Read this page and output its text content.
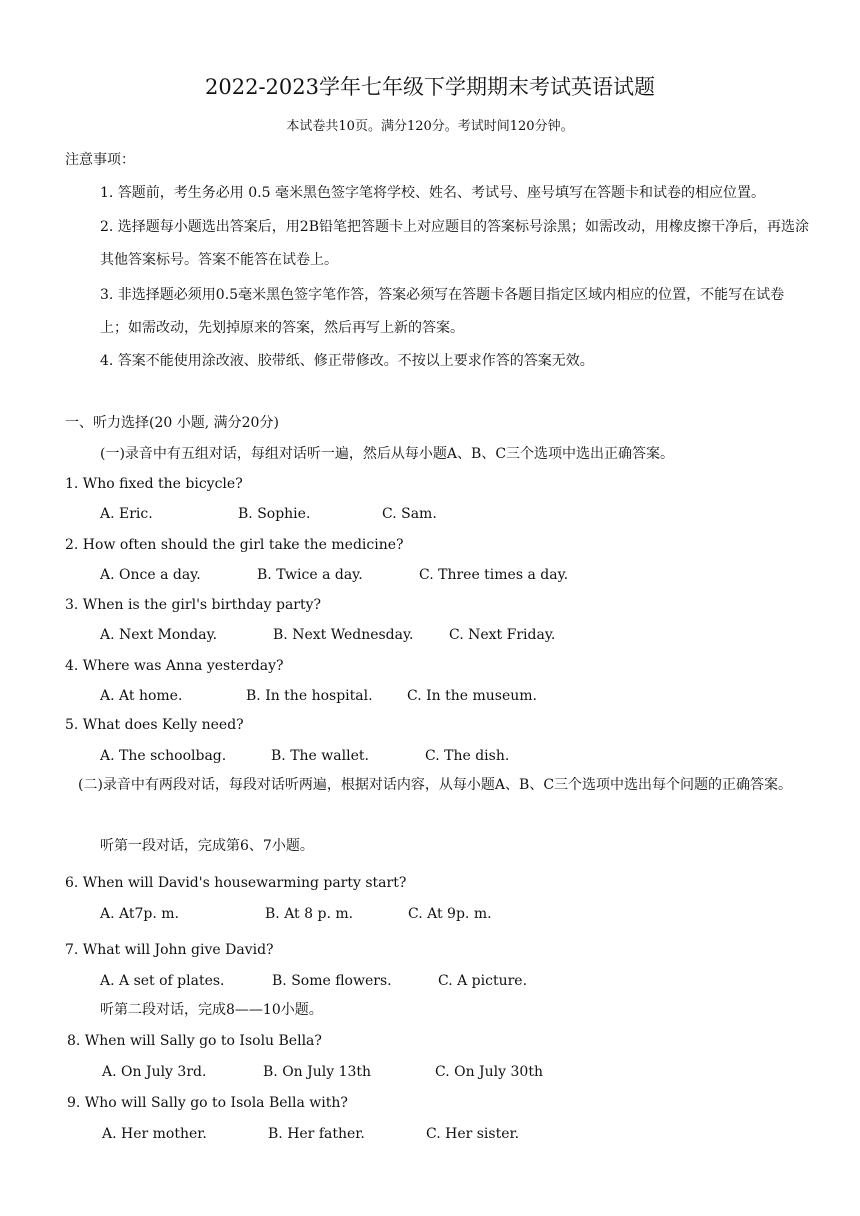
2022-2023学年七年级下学期期末考试英语试题
本试卷共10页。满分120分。考试时间120分钟。
注意事项：
1. 答题前，考生务必用 0.5 毫米黑色签字笔将学校、姓名、考试号、座号填写在答题卡和试卷的相应位置。
2. 选择题每小题选出答案后，用2B铅笔把答题卡上对应题目的答案标号涂黑；如需改动，用橡皮擦干净后，再选涂其他答案标号。答案不能答在试卷上。
3. 非选择题必须用0.5毫米黑色签字笔作答，答案必须写在答题卡各题目指定区域内相应的位置，不能写在试卷上；如需改动，先划掉原来的答案，然后再写上新的答案。
4. 答案不能使用涂改液、胶带纸、修正带修改。不按以上要求作答的答案无效。
一、听力选择(20 小题, 满分20分)
(一)录音中有五组对话，每组对话听一遍，然后从每小题A、B、C三个选项中选出正确答案。
1. Who fixed the bicycle?
A. Eric.	B. Sophie.	C. Sam.
2. How often should the girl take the medicine?
A. Once a day.	B. Twice a day.	C. Three times a day.
3. When is the girl's birthday party?
A. Next Monday.	B. Next Wednesday.	C. Next Friday.
4. Where was Anna yesterday?
A. At home.	B. In the hospital. C. In the museum.
5. What does Kelly need?
A. The schoolbag.	B. The wallet.	C. The dish.
(二)录音中有两段对话，每段对话听两遍，根据对话内容，从每小题A、B、C三个选项中选出每个问题的正确答案。
听第一段对话，完成第6、7小题。
6. When will David's housewarming party start?
A. At7p. m.	B. At 8 p. m.	C. At 9p. m.
7. What will John give David?
A. A set of plates.	B. Some flowers.	C. A picture.
听第二段对话，完成8——10小题。
8. When will Sally go to Isolu Bella?
A. On July 3rd.	B. On July 13th	C. On July 30th
9. Who will Sally go to Isola Bella with?
A. Her mother.	B. Her father.	C. Her sister.
